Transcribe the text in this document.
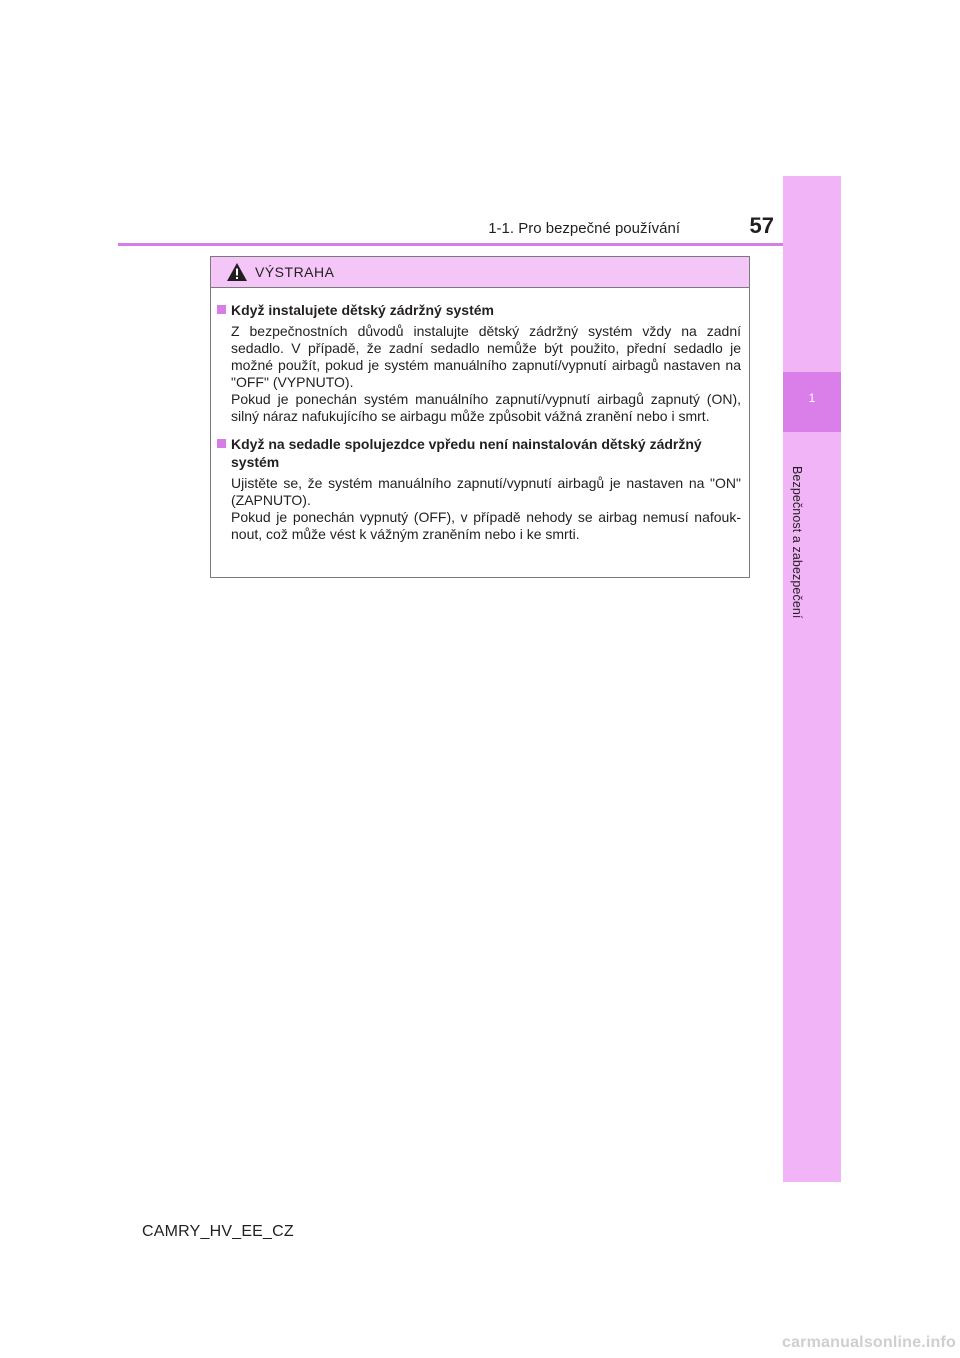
1-1. Pro bezpečné používání	57
1
Bezpečnost a zabezpečení
VÝSTRAHA
Když instalujete dětský zádržný systém

Z bezpečnostních důvodů instalujte dětský zádržný systém vždy na zadní sedadlo. V případě, že zadní sedadlo nemůže být použito, přední sedadlo je možné použít, pokud je systém manuálního zapnutí/vypnutí airbagů nastaven na "OFF" (VYPNUTO).

Pokud je ponechán systém manuálního zapnutí/vypnutí airbagů zapnutý (ON), silný náraz nafukujícího se airbagu může způsobit vážná zranění nebo i smrt.

Když na sedadle spolujezdce vpředu není nainstalován dětský zádržný systém

Ujistěte se, že systém manuálního zapnutí/vypnutí airbagů je nastaven na "ON" (ZAPNUTO).

Pokud je ponechán vypnutý (OFF), v případě nehody se airbag nemusí nafouk- nout, což může vést k vážným zraněním nebo i ke smrti.

CAMRY_HV_EE_CZ
carmanualsonline.info
